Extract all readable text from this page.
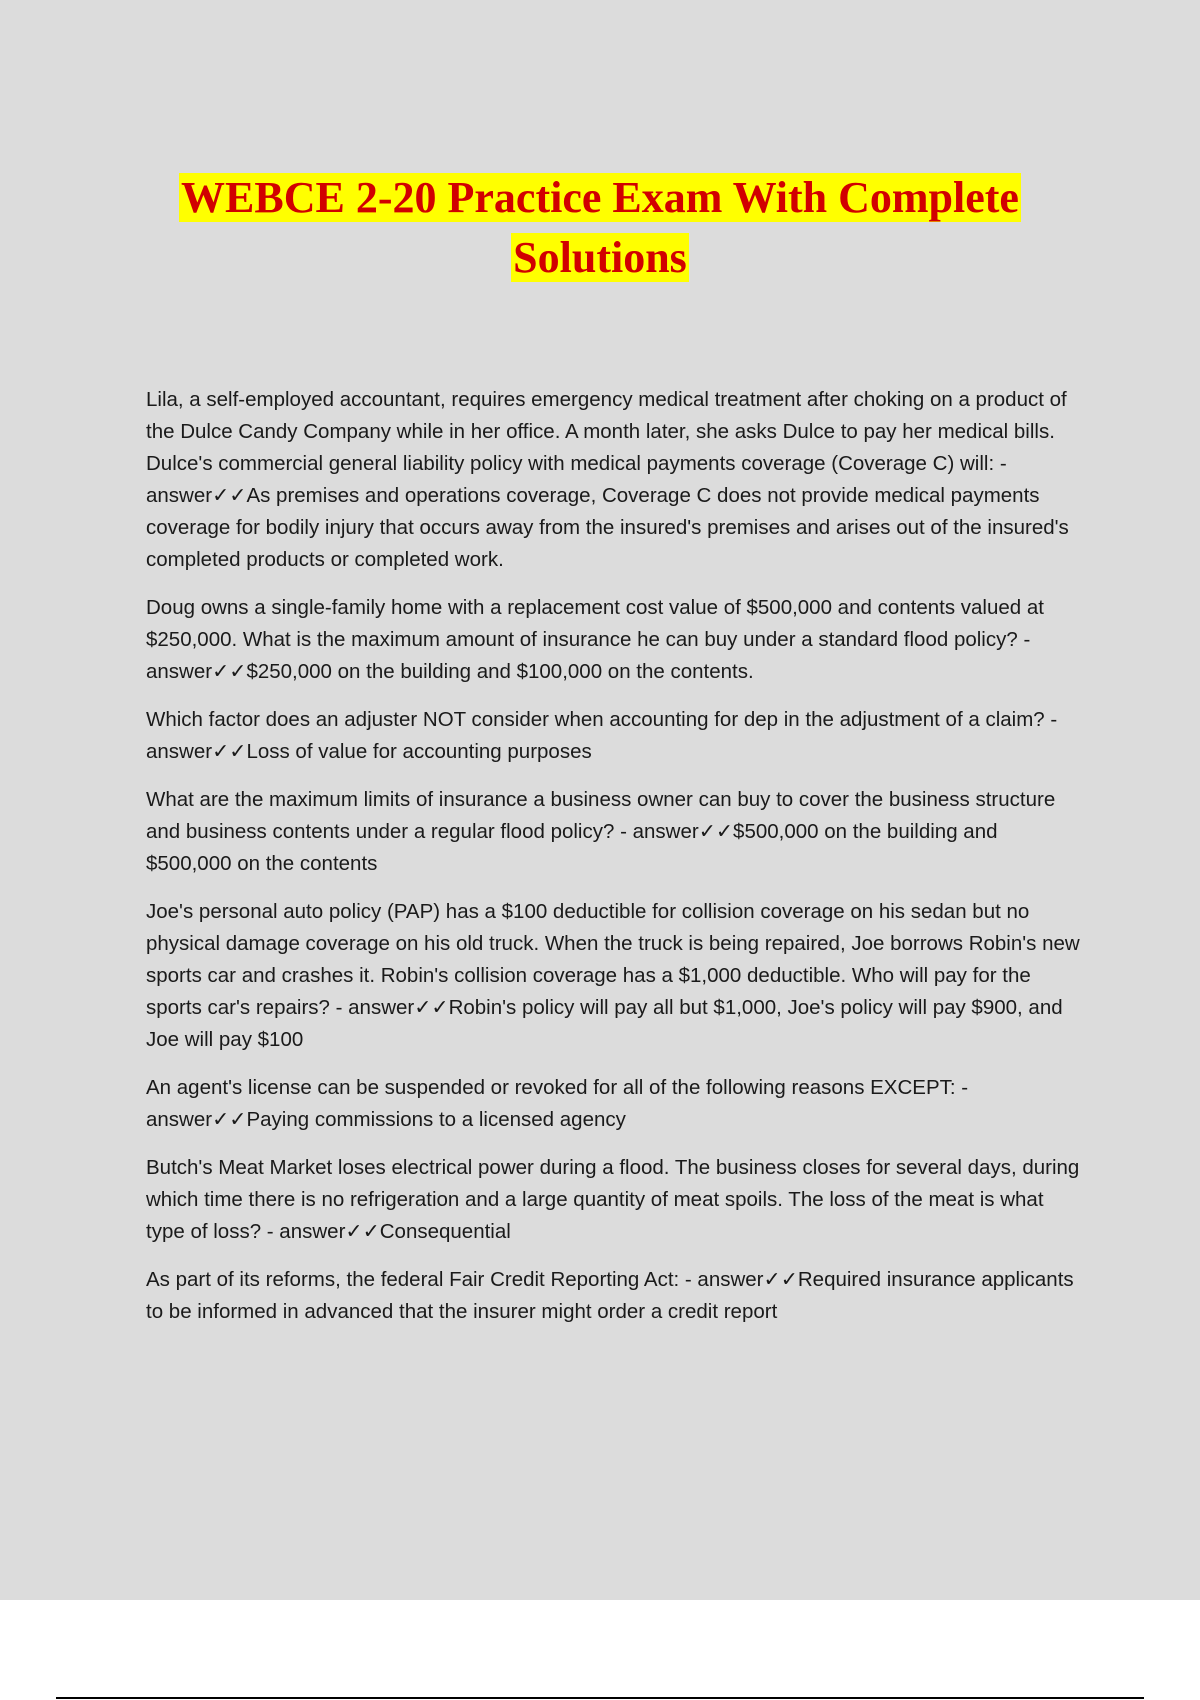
WEBCE 2-20 Practice Exam With Complete
Solutions

Lila, a self-employed accountant, requires emergency medical treatment after choking on a product of the Dulce Candy Company while in her office. A month later, she asks Dulce to pay her medical bills. Dulce's commercial general liability policy with medical payments coverage (Coverage C) will: - answer✓✓As premises and operations coverage, Coverage C does not provide medical payments coverage for bodily injury that occurs away from the insured's premises and arises out of the insured's completed products or completed work.

Doug owns a single-family home with a replacement cost value of $500,000 and contents valued at $250,000. What is the maximum amount of insurance he can buy under a standard flood policy? - answer✓✓$250,000 on the building and $100,000 on the contents.

Which factor does an adjuster NOT consider when accounting for dep in the adjustment of a claim? - answer✓✓Loss of value for accounting purposes

What are the maximum limits of insurance a business owner can buy to cover the business structure and business contents under a regular flood policy? - answer✓✓$500,000 on the building and $500,000 on the contents

Joe's personal auto policy (PAP) has a $100 deductible for collision coverage on his sedan but no physical damage coverage on his old truck. When the truck is being repaired, Joe borrows Robin's new sports car and crashes it. Robin's collision coverage has a $1,000 deductible. Who will pay for the sports car's repairs? - answer✓✓Robin's policy will pay all but $1,000, Joe's policy will pay $900, and Joe will pay $100

An agent's license can be suspended or revoked for all of the following reasons EXCEPT: - answer✓✓Paying commissions to a licensed agency

Butch's Meat Market loses electrical power during a flood. The business closes for several days, during which time there is no refrigeration and a large quantity of meat spoils. The loss of the meat is what type of loss? - answer✓✓Consequential

As part of its reforms, the federal Fair Credit Reporting Act: - answer✓✓Required insurance applicants to be informed in advanced that the insurer might order a credit report
